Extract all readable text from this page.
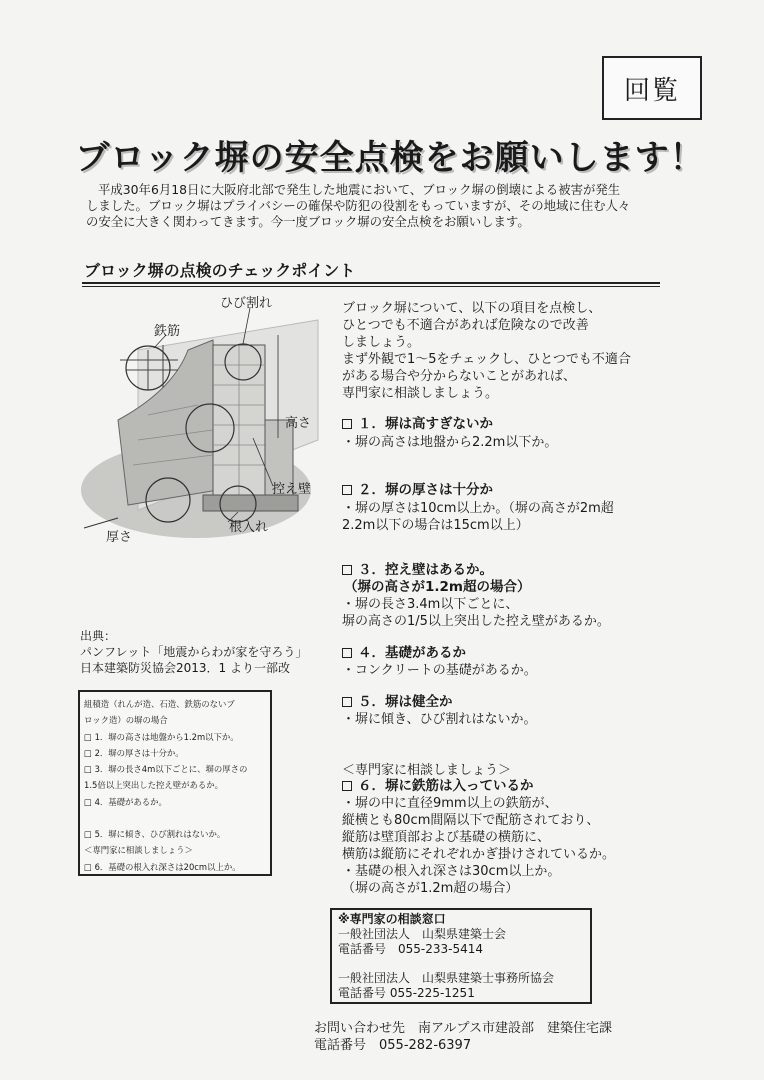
回覧
ブロック塀の安全点検をお願いします！
平成30年6月18日に大阪府北部で発生した地震において、ブロック塀の倒壊による被害が発生
しました。ブロック塀はプライバシーの確保や防犯の役割をもっていますが、その地域に住む人々
の安全に大きく関わってきます。今一度ブロック塀の安全点検をお願いします。
ブロック塀の点検のチェックポイント
ひび割れ
鉄筋
高さ
控え壁
根入れ
厚さ
ブロック塀について、以下の項目を点検し、
ひとつでも不適合があれば危険なので改善
しましょう。
まず外観で1～5をチェックし、ひとつでも不適合
がある場合や分からないことがあれば、
専門家に相談しましょう。
１．塀は高すぎないか
・塀の高さは地盤から2.2m以下か。
２．塀の厚さは十分か
・塀の厚さは10cm以上か。（塀の高さが2m超
2.2m以下の場合は15cm以上）
３．控え壁はあるか。
（塀の高さが1.2m超の場合）
・塀の長さ3.4m以下ごとに、
塀の高さの1/5以上突出した控え壁があるか。
４．基礎があるか
・コンクリートの基礎があるか。
５．塀は健全か
・塀に傾き、ひび割れはないか。
＜専門家に相談しましょう＞
６．塀に鉄筋は入っているか
・塀の中に直径9mm以上の鉄筋が、
縦横とも80cm間隔以下で配筋されており、
縦筋は壁頂部および基礎の横筋に、
横筋は縦筋にそれぞれかぎ掛けされているか。
・基礎の根入れ深さは30cm以上か。
（塀の高さが1.2m超の場合）
出典：
パンフレット「地震からわが家を守ろう」
日本建築防災協会2013．1 より一部改
組積造（れんが造、石造、鉄筋のないブ
ロック造）の塀の場合
□ 1．塀の高さは地盤から1.2m以下か。
□ 2．塀の厚さは十分か。
□ 3．塀の長さ4m以下ごとに、塀の厚さの
1.5倍以上突出した控え壁があるか。
□ 4．基礎があるか。
□ 5．塀に傾き、ひび割れはないか。
＜専門家に相談しましょう＞
□ 6．基礎の根入れ深さは20cm以上か。
※専門家の相談窓口
一般社団法人　山梨県建築士会
電話番号　055-233-5414
一般社団法人　山梨県建築士事務所協会
電話番号 055-225-1251
お問い合わせ先　南アルプス市建設部　建築住宅課
電話番号　055-282-6397
